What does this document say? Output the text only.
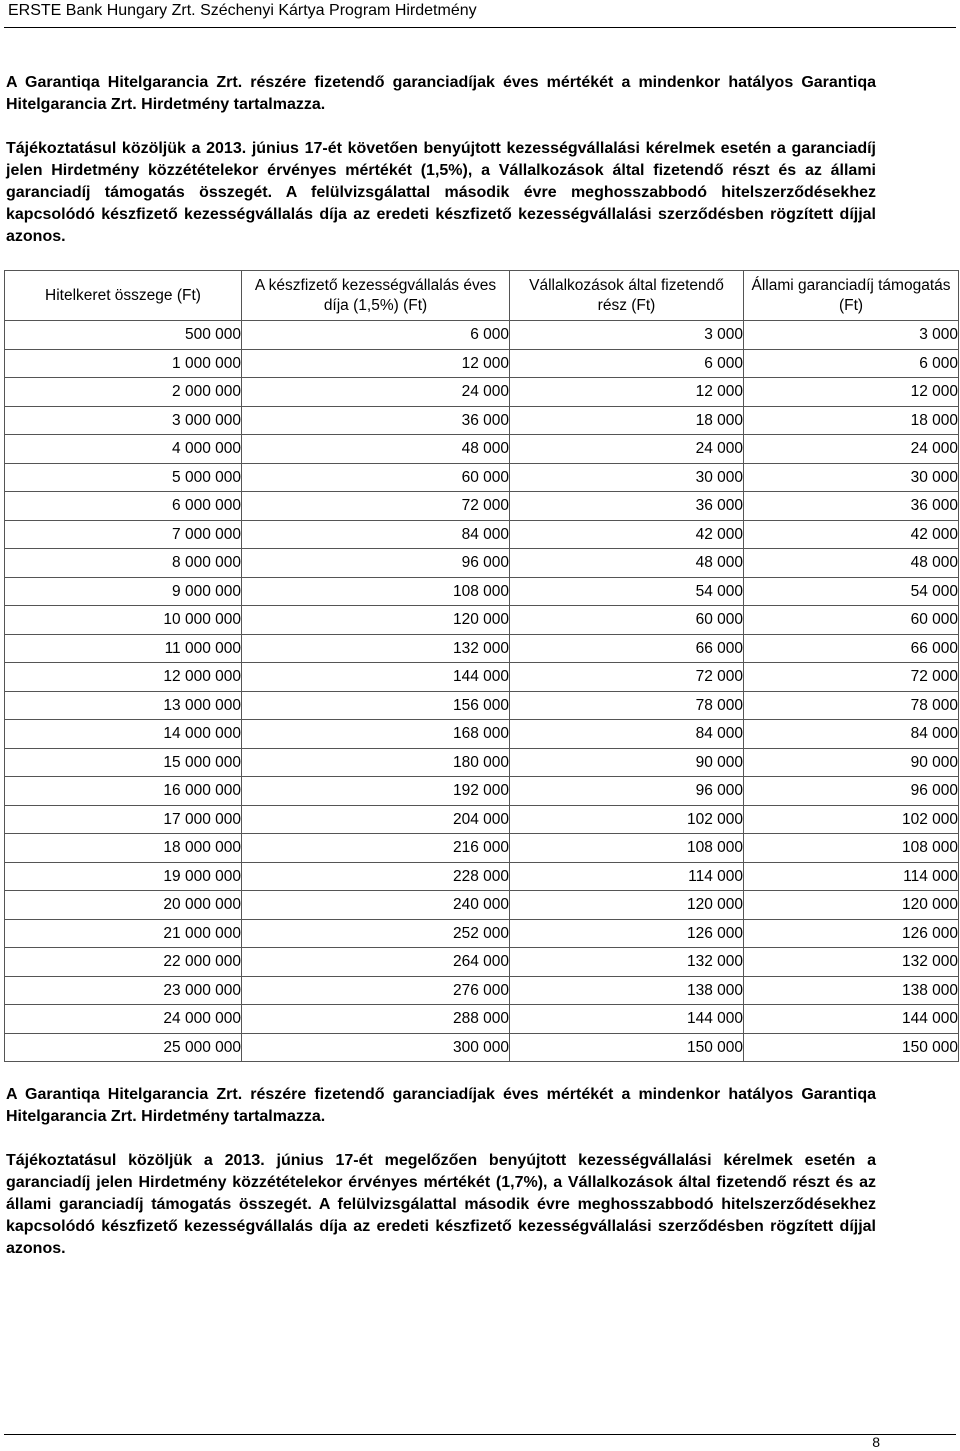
ERSTE Bank Hungary Zrt. Széchenyi Kártya Program Hirdetmény

A Garantiqa Hitelgarancia Zrt. részére fizetendő garanciadíjak éves mértékét a mindenkor hatályos Garantiqa Hitelgarancia Zrt. Hirdetmény tartalmazza.

Tájékoztatásul közöljük a 2013. június 17-ét követően benyújtott kezességvállalási kérelmek esetén a garanciadíj jelen Hirdetmény közzétételekor érvényes mértékét (1,5%), a Vállalkozások által fizetendő részt és az állami garanciadíj támogatás összegét. A felülvizsgálattal második évre meghosszabbodó hitelszerződésekhez kapcsolódó készfizető kezességvállalás díja az eredeti készfizető kezességvállalási szerződésben rögzített díjjal azonos.

Hitelkeret összege (Ft)	A készfizető kezességvállalás éves díja (1,5%) (Ft)	Vállalkozások által fizetendő rész (Ft)	Állami garanciadíj támogatás (Ft)
500 000	6 000	3 000	3 000
1 000 000	12 000	6 000	6 000
2 000 000	24 000	12 000	12 000
3 000 000	36 000	18 000	18 000
4 000 000	48 000	24 000	24 000
5 000 000	60 000	30 000	30 000
6 000 000	72 000	36 000	36 000
7 000 000	84 000	42 000	42 000
8 000 000	96 000	48 000	48 000
9 000 000	108 000	54 000	54 000
10 000 000	120 000	60 000	60 000
11 000 000	132 000	66 000	66 000
12 000 000	144 000	72 000	72 000
13 000 000	156 000	78 000	78 000
14 000 000	168 000	84 000	84 000
15 000 000	180 000	90 000	90 000
16 000 000	192 000	96 000	96 000
17 000 000	204 000	102 000	102 000
18 000 000	216 000	108 000	108 000
19 000 000	228 000	114 000	114 000
20 000 000	240 000	120 000	120 000
21 000 000	252 000	126 000	126 000
22 000 000	264 000	132 000	132 000
23 000 000	276 000	138 000	138 000
24 000 000	288 000	144 000	144 000
25 000 000	300 000	150 000	150 000

A Garantiqa Hitelgarancia Zrt. részére fizetendő garanciadíjak éves mértékét a mindenkor hatályos Garantiqa Hitelgarancia Zrt. Hirdetmény tartalmazza.

Tájékoztatásul közöljük a 2013. június 17-ét megelőzően benyújtott kezességvállalási kérelmek esetén a garanciadíj jelen Hirdetmény közzétételekor érvényes mértékét (1,7%), a Vállalkozások által fizetendő részt és az állami garanciadíj támogatás összegét. A felülvizsgálattal második évre meghosszabbodó hitelszerződésekhez kapcsolódó készfizető kezességvállalás díja az eredeti készfizető kezességvállalási szerződésben rögzített díjjal azonos.

8
